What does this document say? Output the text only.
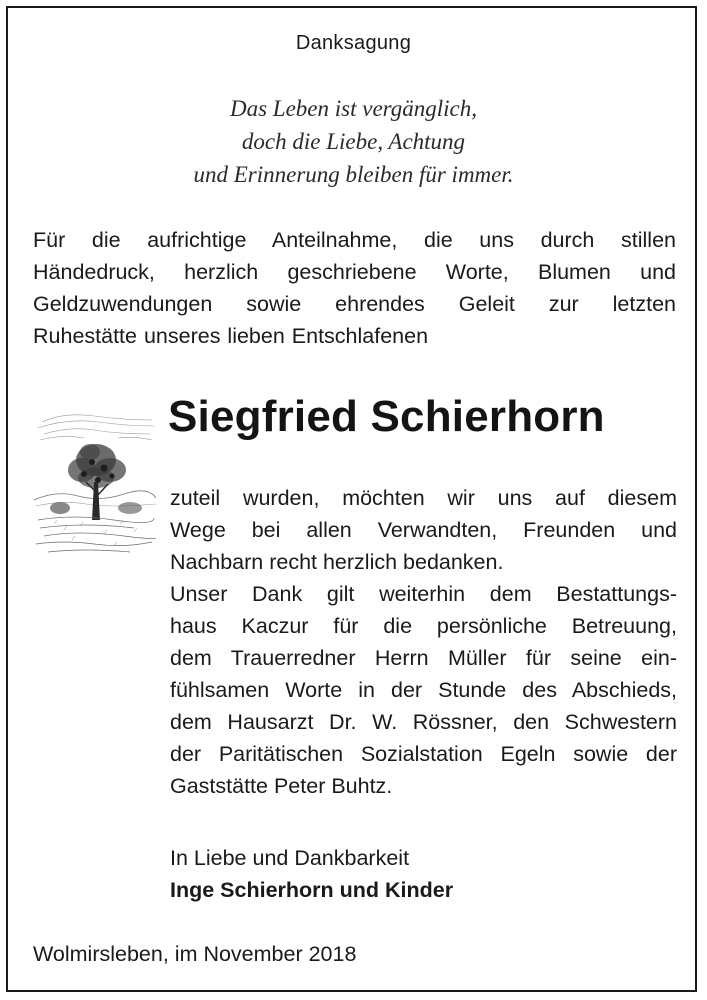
Danksagung
Das Leben ist vergänglich,
doch die Liebe, Achtung
und Erinnerung bleiben für immer.
Für die aufrichtige Anteilnahme, die uns durch stillen
Händedruck, herzlich geschriebene Worte, Blumen und
Geldzuwendungen sowie ehrendes Geleit zur letzten
Ruhestätte unseres lieben Entschlafenen
Siegfried Schierhorn
zuteil wurden, möchten wir uns auf diesem
Wege bei allen Verwandten, Freunden und
Nachbarn recht herzlich bedanken.
Unser Dank gilt weiterhin dem Bestattungs-
haus Kaczur für die persönliche Betreuung,
dem Trauerredner Herrn Müller für seine ein-
fühlsamen Worte in der Stunde des Abschieds,
dem Hausarzt Dr. W. Rössner, den Schwestern
der Paritätischen Sozialstation Egeln sowie der
Gaststätte Peter Buhtz.
In Liebe und Dankbarkeit
Inge Schierhorn und Kinder
Wolmirsleben, im November 2018
